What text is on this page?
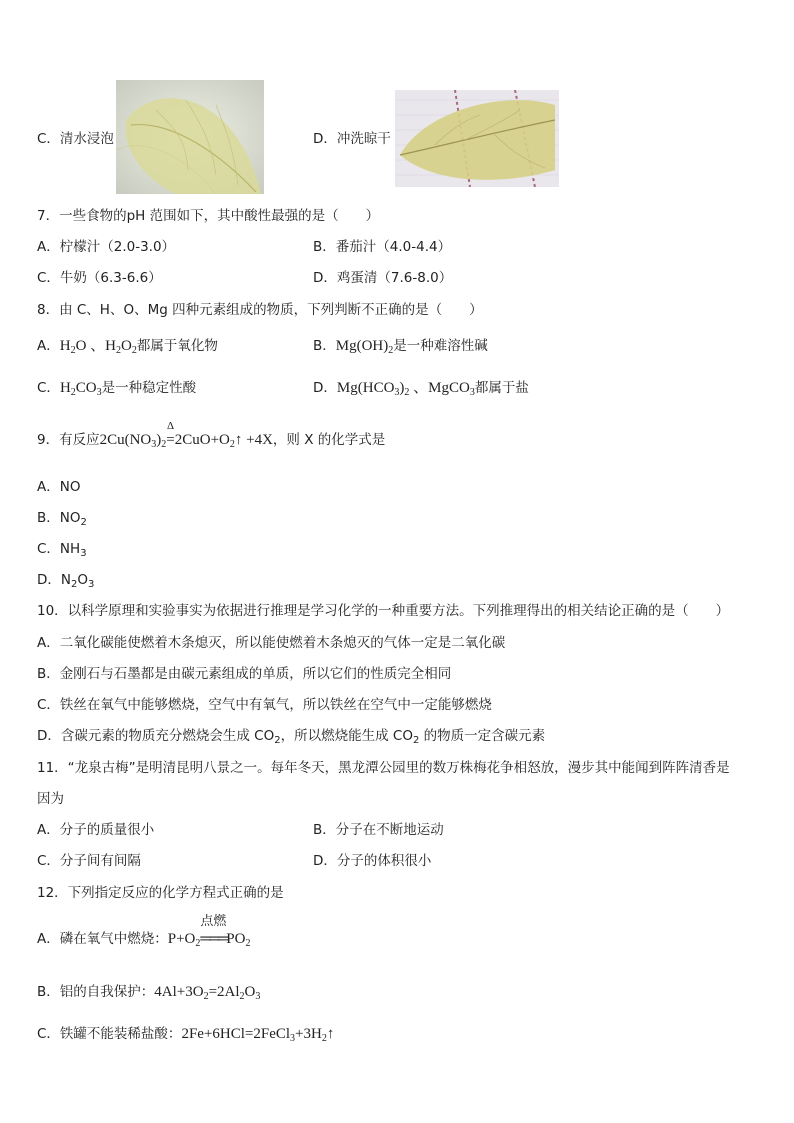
C．清水浸泡	D．冲洗晾干
7．一些食物的pH 范围如下，其中酸性最强的是（　　）
A．柠檬汁（2.0-3.0）	B．番茄汁（4.0-4.4）
C．牛奶（6.3-6.6）	D．鸡蛋清（7.6-8.0）
8．由 C、H、O、Mg 四种元素组成的物质，下列判断不正确的是（　　）
A．$H_2O$ 、$H_2O_2$都属于氧化物	B．$Mg(OH)_2$是一种难溶性碱
C．$H_2CO_3$是一种稳定性酸	D．$Mg(HCO_3)_2$ 、MgCO$_3$都属于盐
9．有反应$2Cu(NO_3)_2$
Δ
$=2CuO+O_2↑ +4X$，则 X 的化学式是
A．NO
B．$NO_2$
C．$NH_3$
D．$N_2O_3$
10．以科学原理和实验事实为依据进行推理是学习化学的一种重要方法。下列推理得出的相关结论正确的是（　　）
A．二氧化碳能使燃着木条熄灭，所以能使燃着木条熄灭的气体一定是二氧化碳
B．金刚石与石墨都是由碳元素组成的单质，所以它们的性质完全相同
C．铁丝在氧气中能够燃烧，空气中有氧气，所以铁丝在空气中一定能够燃烧
D．含碳元素的物质充分燃烧会生成 $CO_2$，所以燃烧能生成 $CO_2$ 的物质一定含碳元素
11．“龙泉古梅”是明清昆明八景之一。每年冬天，黑龙潭公园里的数万株梅花争相怒放，漫步其中能闻到阵阵清香是
因为
A．分子的质量很小	B．分子在不断地运动
C．分子间有间隔	D．分子的体积很小
12．下列指定反应的化学方程式正确的是
A．磷在氧气中燃烧：$P+O_2$
点燃
$═══PO_2$
B．铝的自我保护：$4Al+3O_2=2Al_2O_3$
C．铁罐不能装稀盐酸：$2Fe+6HCl=2FeCl_3+3H_2↑$
